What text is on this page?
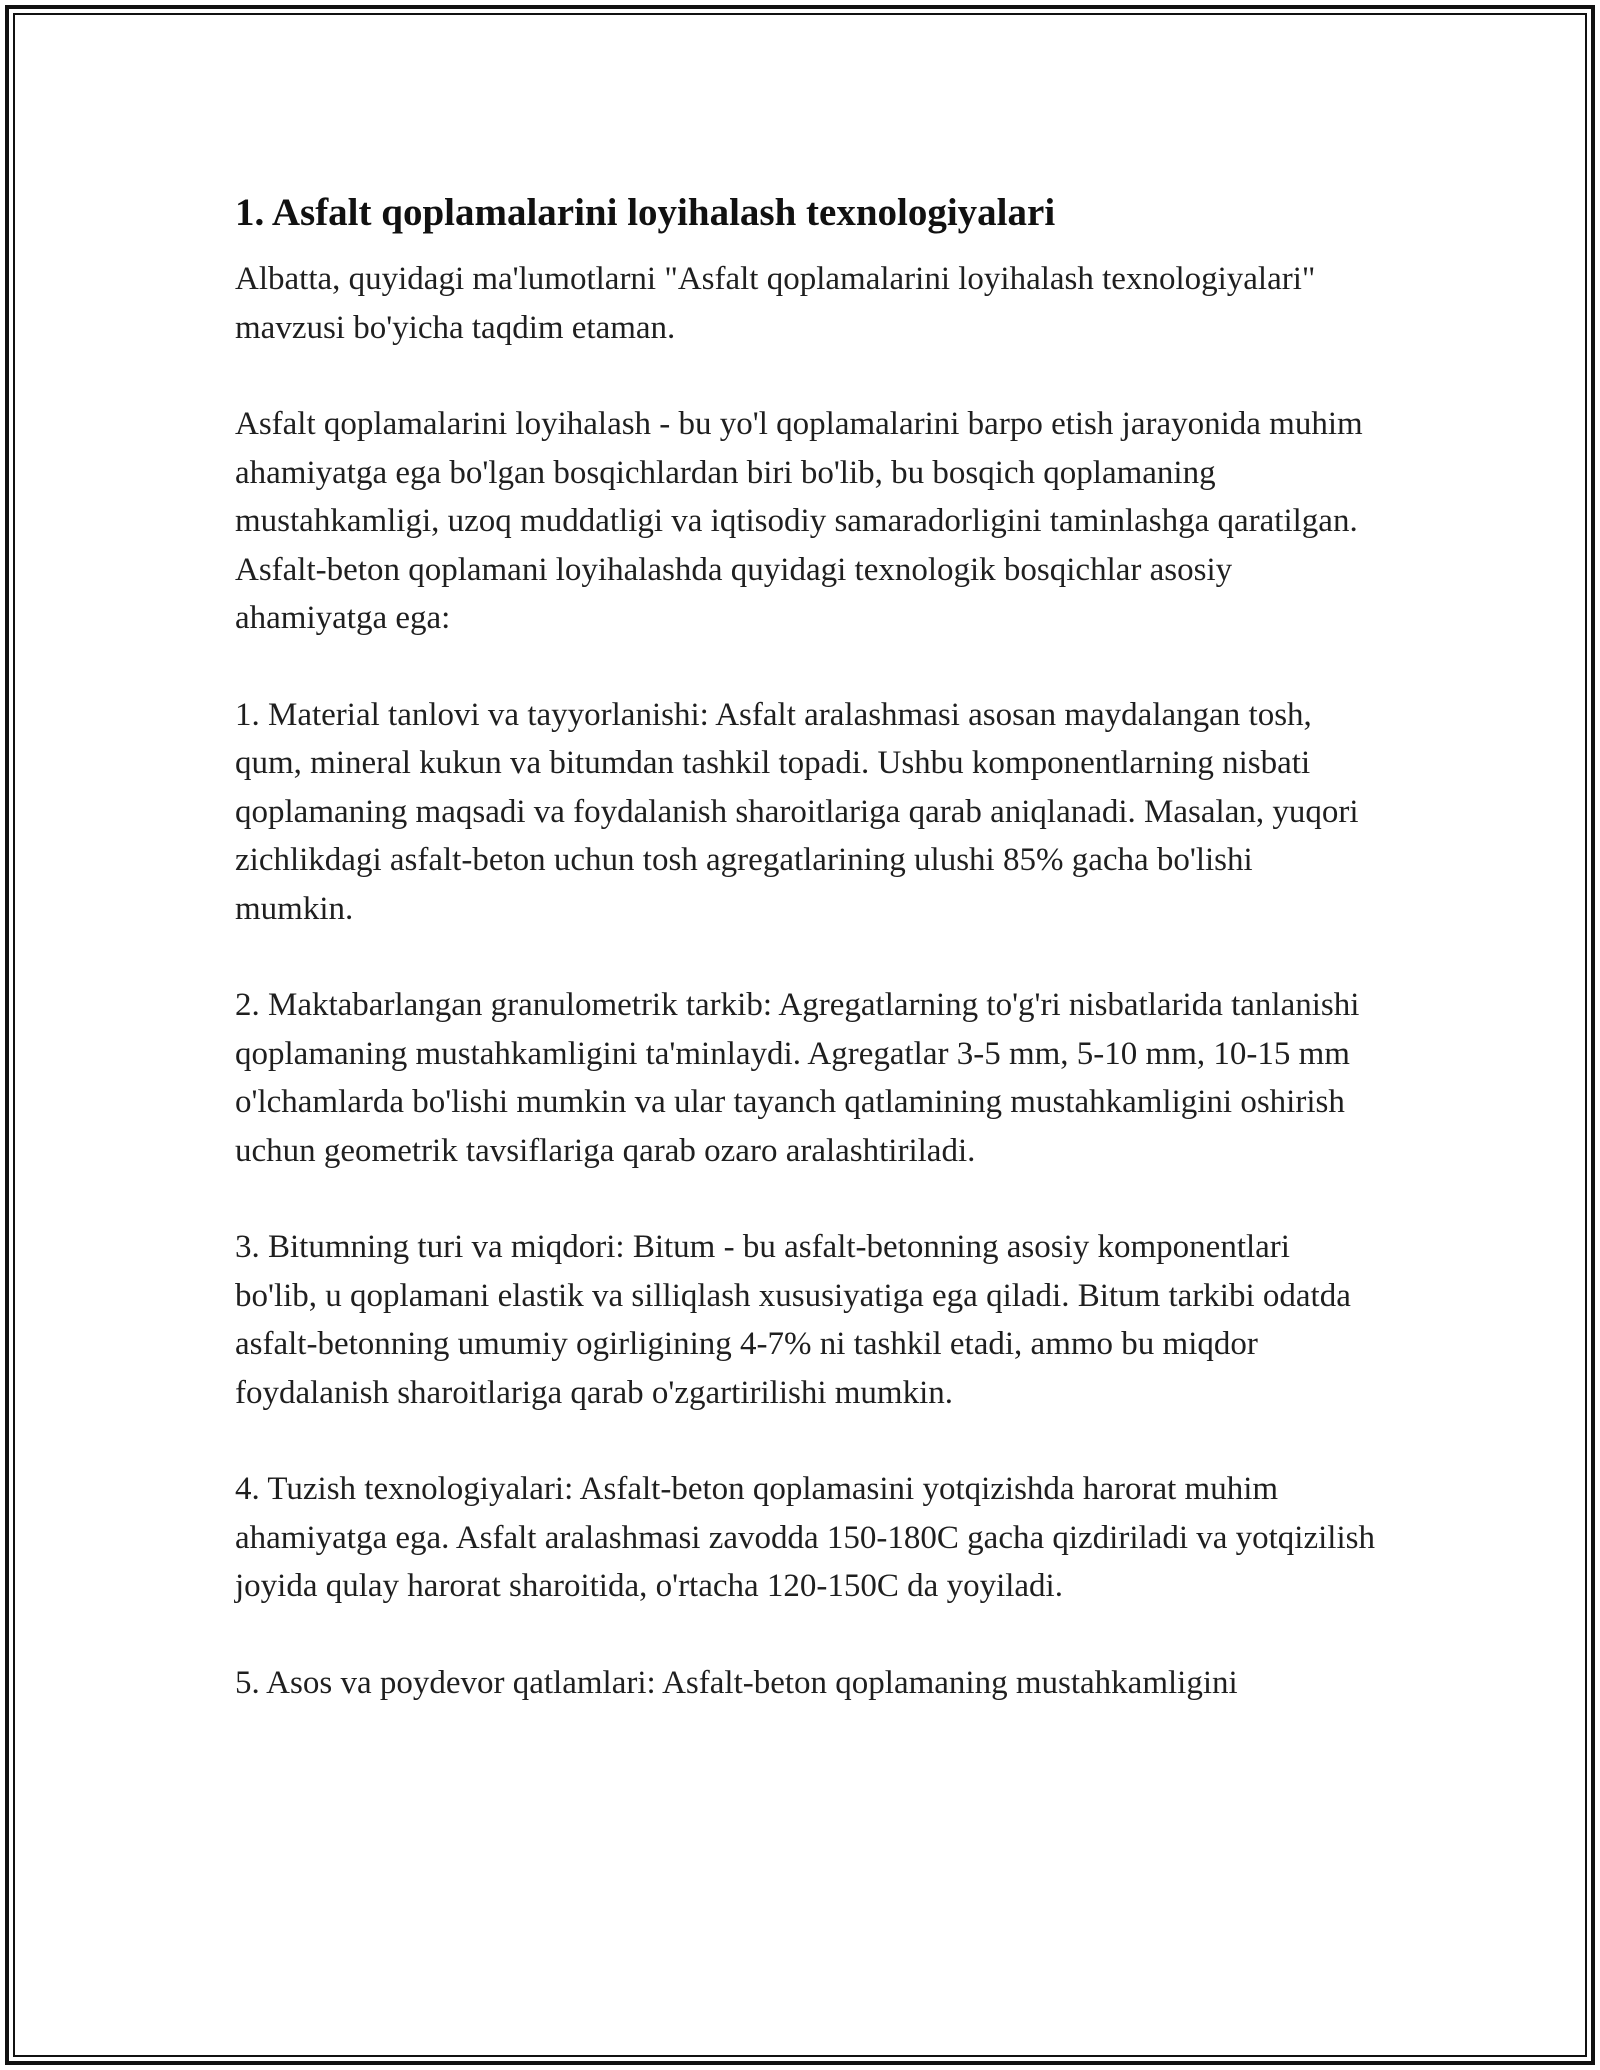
1. Asfalt qoplamalarini loyihalash texnologiyalari

Albatta, quyidagi ma'lumotlarni "Asfalt qoplamalarini loyihalash texnologiyalari" mavzusi bo'yicha taqdim etaman.

Asfalt qoplamalarini loyihalash - bu yo'l qoplamalarini barpo etish jarayonida muhim ahamiyatga ega bo'lgan bosqichlardan biri bo'lib, bu bosqich qoplamaning mustahkamligi, uzoq muddatligi va iqtisodiy samaradorligini taminlashga qaratilgan. Asfalt-beton qoplamani loyihalashda quyidagi texnologik bosqichlar asosiy ahamiyatga ega:

1. Material tanlovi va tayyorlanishi: Asfalt aralashmasi asosan maydalangan tosh, qum, mineral kukun va bitumdan tashkil topadi. Ushbu komponentlarning nisbati qoplamaning maqsadi va foydalanish sharoitlariga qarab aniqlanadi. Masalan, yuqori zichlikdagi asfalt-beton uchun tosh agregatlarining ulushi 85% gacha bo'lishi mumkin.

2. Maktabarlangan granulometrik tarkib: Agregatlarning to'g'ri nisbatlarida tanlanishi qoplamaning mustahkamligini ta'minlaydi. Agregatlar 3-5 mm, 5-10 mm, 10-15 mm o'lchamlarda bo'lishi mumkin va ular tayanch qatlamining mustahkamligini oshirish uchun geometrik tavsiflariga qarab ozaro aralashtiriladi.

3. Bitumning turi va miqdori: Bitum - bu asfalt-betonning asosiy komponentlari bo'lib, u qoplamani elastik va silliqlash xususiyatiga ega qiladi. Bitum tarkibi odatda asfalt-betonning umumiy ogirligining 4-7% ni tashkil etadi, ammo bu miqdor foydalanish sharoitlariga qarab o'zgartirilishi mumkin.

4. Tuzish texnologiyalari: Asfalt-beton qoplamasini yotqizishda harorat muhim ahamiyatga ega. Asfalt aralashmasi zavodda 150-180C gacha qizdiriladi va yotqizilish joyida qulay harorat sharoitida, o'rtacha 120-150C da yoyiladi.

5. Asos va poydevor qatlamlari: Asfalt-beton qoplamaning mustahkamligini
